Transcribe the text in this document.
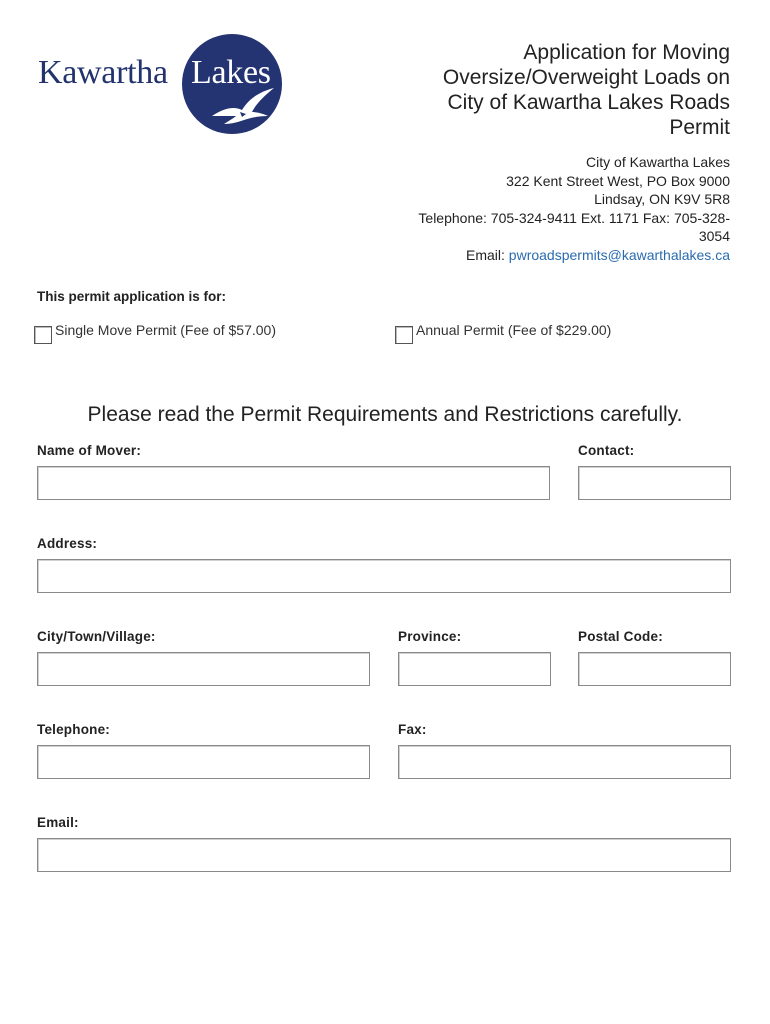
Kawartha Lakes
Application for Moving
Oversize/Overweight Loads on
City of Kawartha Lakes Roads
Permit
City of Kawartha Lakes
322 Kent Street West, PO Box 9000
Lindsay, ON K9V 5R8
Telephone: 705-324-9411 Ext. 1171 Fax: 705-328-
3054
Email: pwroadspermits@kawarthalakes.ca
This permit application is for:
Single Move Permit (Fee of $57.00)	Annual Permit (Fee of $229.00)
Please read the Permit Requirements and Restrictions carefully.
Name of Mover:	Contact:
Address:
City/Town/Village:	Province:	Postal Code:
Telephone:	Fax:
Email:
